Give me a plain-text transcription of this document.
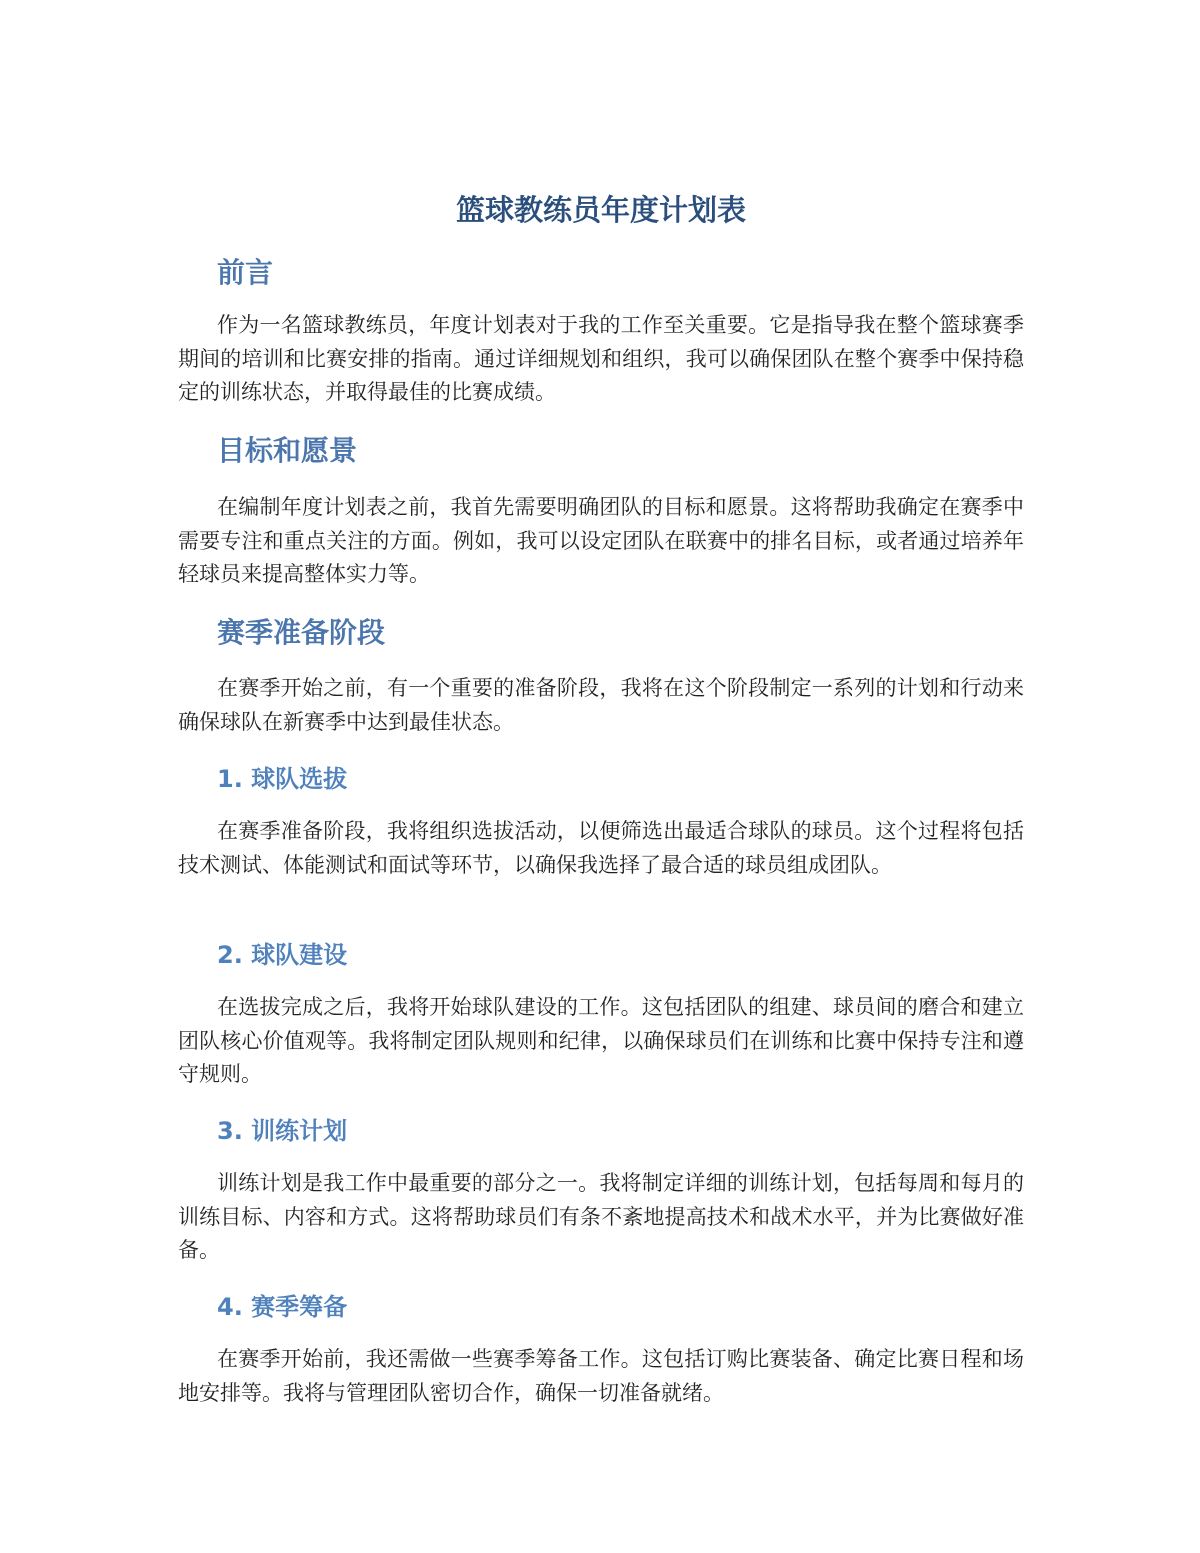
篮球教练员年度计划表
前言

作为一名篮球教练员，年度计划表对于我的工作至关重要。它是指导我在整个篮球赛季期间的培训和比赛安排的指南。通过详细规划和组织，我可以确保团队在整个赛季中保持稳定的训练状态，并取得最佳的比赛成绩。

目标和愿景

在编制年度计划表之前，我首先需要明确团队的目标和愿景。这将帮助我确定在赛季中需要专注和重点关注的方面。例如，我可以设定团队在联赛中的排名目标，或者通过培养年轻球员来提高整体实力等。

赛季准备阶段

在赛季开始之前，有一个重要的准备阶段，我将在这个阶段制定一系列的计划和行动来确保球队在新赛季中达到最佳状态。

1. 球队选拔

在赛季准备阶段，我将组织选拔活动，以便筛选出最适合球队的球员。这个过程将包括技术测试、体能测试和面试等环节，以确保我选择了最合适的球员组成团队。

2. 球队建设

在选拔完成之后，我将开始球队建设的工作。这包括团队的组建、球员间的磨合和建立团队核心价值观等。我将制定团队规则和纪律，以确保球员们在训练和比赛中保持专注和遵守规则。

3. 训练计划

训练计划是我工作中最重要的部分之一。我将制定详细的训练计划，包括每周和每月的训练目标、内容和方式。这将帮助球员们有条不紊地提高技术和战术水平，并为比赛做好准备。

4. 赛季筹备

在赛季开始前，我还需做一些赛季筹备工作。这包括订购比赛装备、确定比赛日程和场地安排等。我将与管理团队密切合作，确保一切准备就绪。
